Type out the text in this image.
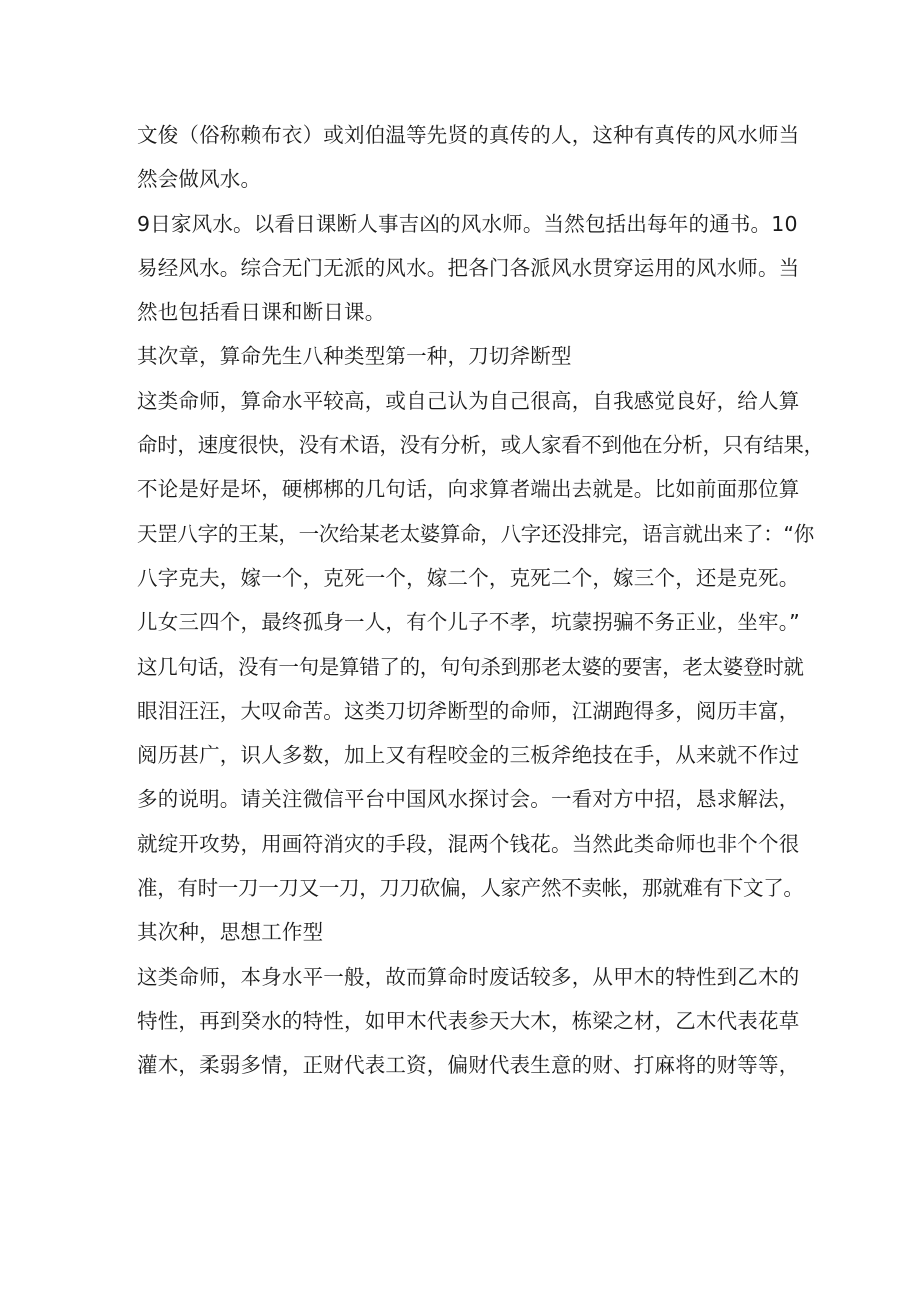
文俊（俗称赖布衣）或刘伯温等先贤的真传的人，这种有真传的风水师当
然会做风水。
9日家风水。以看日课断人事吉凶的风水师。当然包括出每年的通书。10
易经风水。综合无门无派的风水。把各门各派风水贯穿运用的风水师。当
然也包括看日课和断日课。
其次章，算命先生八种类型第一种，刀切斧断型
这类命师，算命水平较高，或自己认为自己很高，自我感觉良好，给人算
命时，速度很快，没有术语，没有分析，或人家看不到他在分析，只有结果，
不论是好是坏，硬梆梆的几句话，向求算者端出去就是。比如前面那位算
天罡八字的王某，一次给某老太婆算命，八字还没排完，语言就出来了：“你
八字克夫，嫁一个，克死一个，嫁二个，克死二个，嫁三个，还是克死。
儿女三四个，最终孤身一人，有个儿子不孝，坑蒙拐骗不务正业，坐牢。”
这几句话，没有一句是算错了的，句句杀到那老太婆的要害，老太婆登时就
眼泪汪汪，大叹命苦。这类刀切斧断型的命师，江湖跑得多，阅历丰富，
阅历甚广，识人多数，加上又有程咬金的三板斧绝技在手，从来就不作过
多的说明。请关注微信平台中国风水探讨会。一看对方中招，恳求解法，
就绽开攻势，用画符消灾的手段，混两个钱花。当然此类命师也非个个很
准，有时一刀一刀又一刀，刀刀砍偏，人家产然不卖帐，那就难有下文了。
其次种，思想工作型
这类命师，本身水平一般，故而算命时废话较多，从甲木的特性到乙木的
特性，再到癸水的特性，如甲木代表参天大木，栋梁之材，乙木代表花草
灌木，柔弱多情，正财代表工资，偏财代表生意的财、打麻将的财等等，
